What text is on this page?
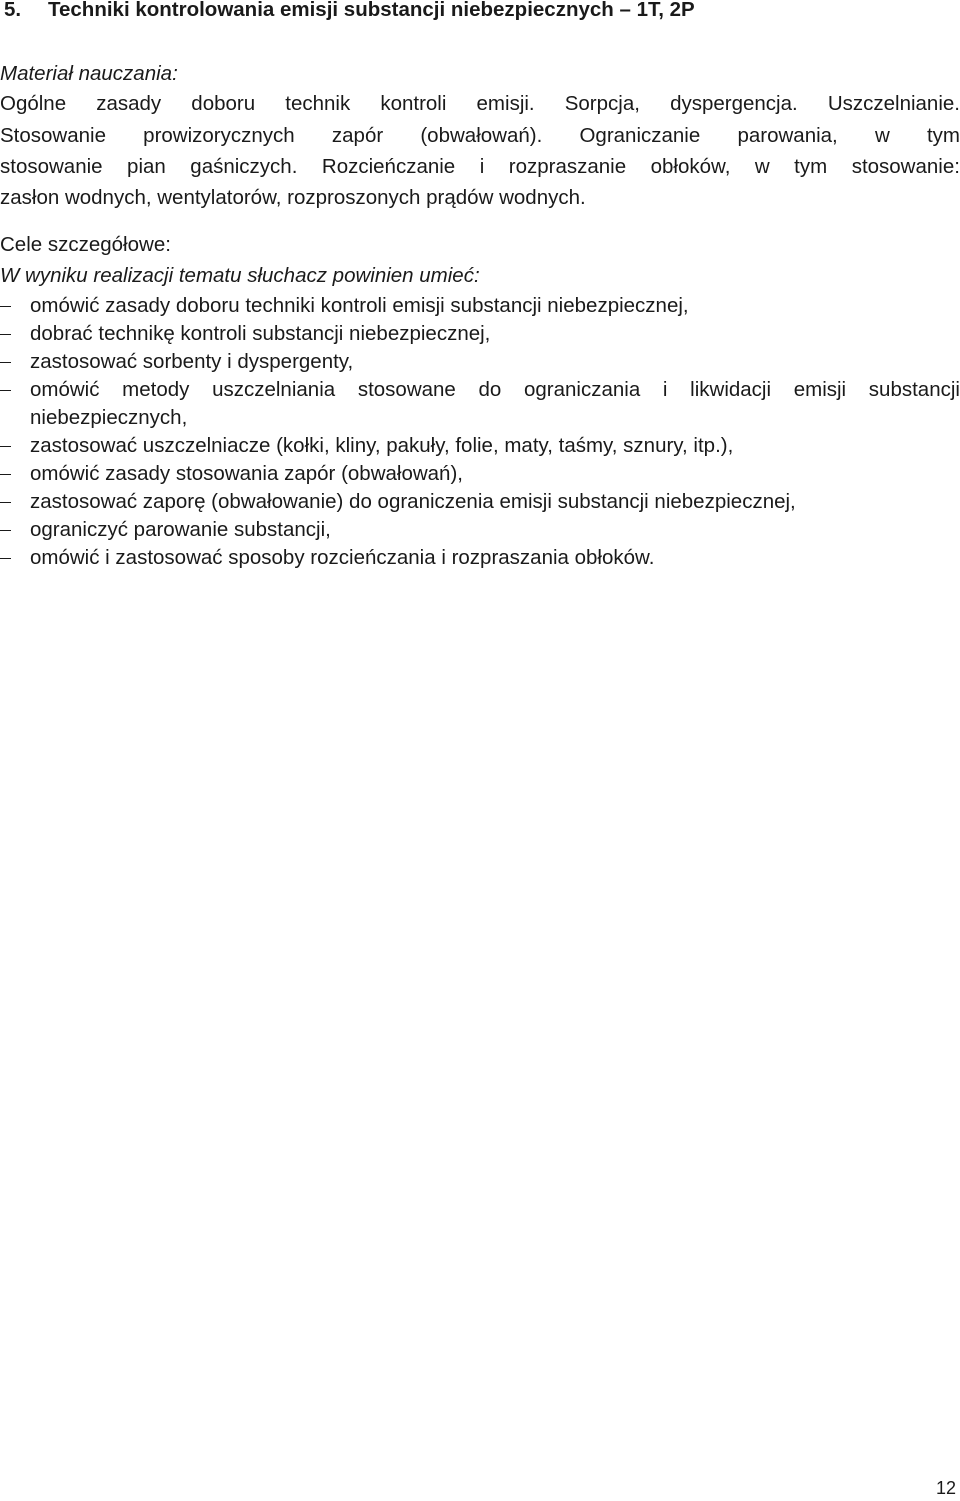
5. Techniki kontrolowania emisji substancji niebezpiecznych – 1T, 2P
Materiał nauczania:
Ogólne zasady doboru technik kontroli emisji. Sorpcja, dyspergencja. Uszczelnianie.
Stosowanie prowizorycznych zapór (obwałowań). Ograniczanie parowania, w tym
stosowanie pian gaśniczych. Rozcieńczanie i rozpraszanie obłoków, w tym stosowanie:
zasłon wodnych, wentylatorów, rozproszonych prądów wodnych.
Cele szczegółowe:
W wyniku realizacji tematu słuchacz powinien umieć:
omówić zasady doboru techniki kontroli emisji substancji niebezpiecznej,
dobrać technikę kontroli substancji niebezpiecznej,
zastosować sorbenty i dyspergenty,
omówić metody uszczelniania stosowane do ograniczania i likwidacji emisji substancji
niebezpiecznych,
zastosować uszczelniacze (kołki, kliny, pakuły, folie, maty, taśmy, sznury, itp.),
omówić zasady stosowania zapór (obwałowań),
zastosować zaporę (obwałowanie) do ograniczenia emisji substancji niebezpiecznej,
ograniczyć parowanie substancji,
omówić i zastosować sposoby rozcieńczania i rozpraszania obłoków.
12
